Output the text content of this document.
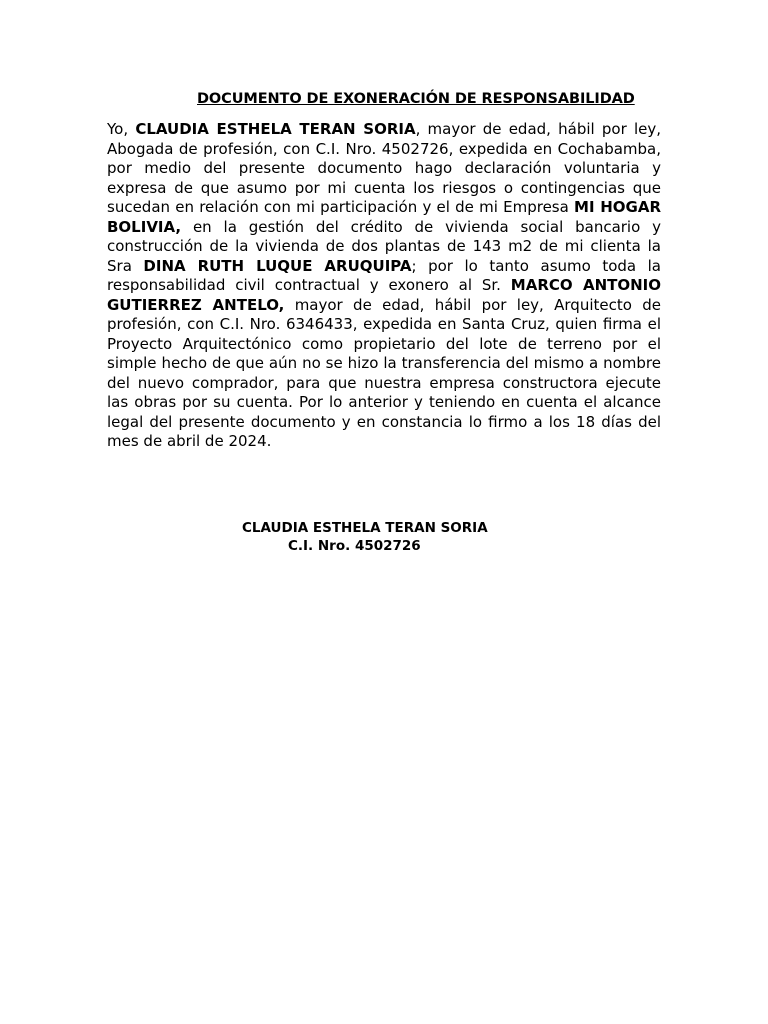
DOCUMENTO DE EXONERACIÓN DE RESPONSABILIDAD

Yo, CLAUDIA ESTHELA TERAN SORIA, mayor de edad, hábil por ley, Abogada de profesión, con C.I. Nro. 4502726, expedida en Cochabamba, por medio del presente documento hago declaración voluntaria y expresa de que asumo por mi cuenta los riesgos o contingencias que sucedan en relación con mi participación y el de mi Empresa MI HOGAR BOLIVIA, en la gestión del crédito de vivienda social bancario y construcción de la vivienda de dos plantas de 143 m2 de mi clienta la Sra DINA RUTH LUQUE ARUQUIPA; por lo tanto asumo toda la responsabilidad civil contractual y exonero al Sr. MARCO ANTONIO GUTIERREZ ANTELO, mayor de edad, hábil por ley, Arquitecto de profesión, con C.I. Nro. 6346433, expedida en Santa Cruz, quien firma el Proyecto Arquitectónico como propietario del lote de terreno por el simple hecho de que aún no se hizo la transferencia del mismo a nombre del nuevo comprador, para que nuestra empresa constructora ejecute las obras por su cuenta. Por lo anterior y teniendo en cuenta el alcance legal del presente documento y en constancia lo firmo a los 18 días del mes de abril de 2024.

CLAUDIA ESTHELA TERAN SORIA
C.I. Nro. 4502726
